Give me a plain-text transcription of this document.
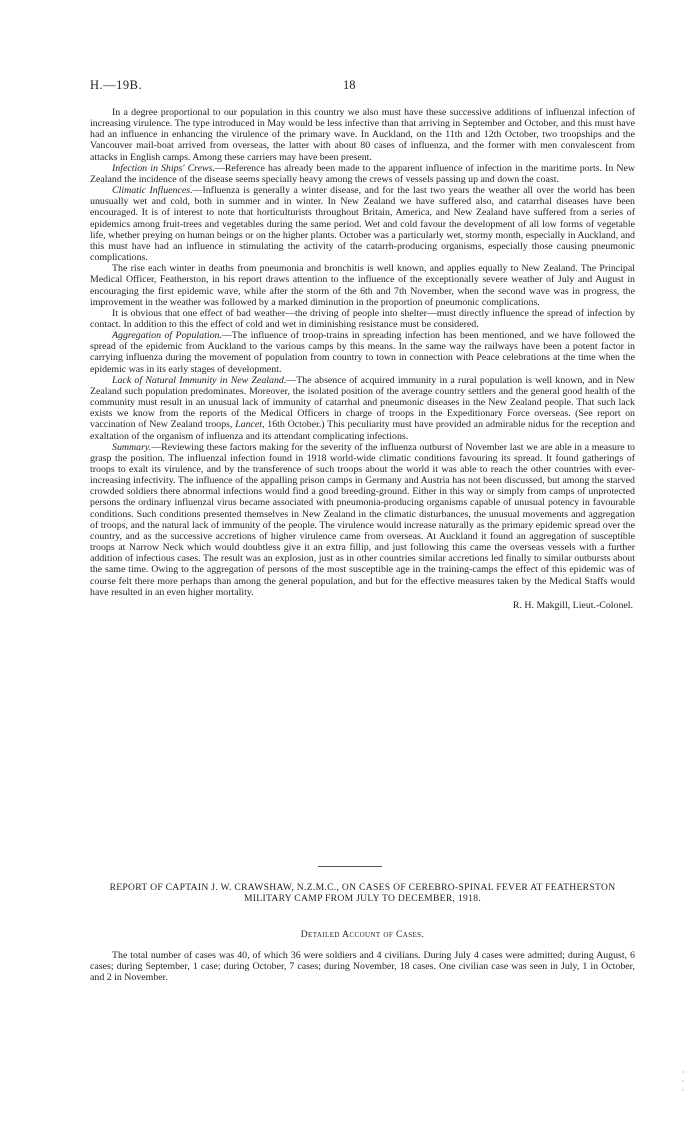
H.—19B.	18

In a degree proportional to our population in this country we also must have these successive additions of influenzal infection of increasing virulence. The type introduced in May would be less infective than that arriving in September and October, and this must have had an influence in enhancing the virulence of the primary wave. In Auckland, on the 11th and 12th October, two troopships and the Vancouver mail-boat arrived from overseas, the latter with about 80 cases of influenza, and the former with men convalescent from attacks in English camps. Among these carriers may have been present.

Infection in Ships' Crews.—Reference has already been made to the apparent influence of infection in the maritime ports. In New Zealand the incidence of the disease seems specially heavy among the crews of vessels passing up and down the coast.

Climatic Influences.—Influenza is generally a winter disease, and for the last two years the weather all over the world has been unusually wet and cold, both in summer and in winter. In New Zealand we have suffered also, and catarrhal diseases have been encouraged. It is of interest to note that horticulturists throughout Britain, America, and New Zealand have suffered from a series of epidemics among fruit-trees and vegetables during the same period. Wet and cold favour the development of all low forms of vegetable life, whether preying on human beings or on the higher plants. October was a particularly wet, stormy month, especially in Auckland, and this must have had an influence in stimulating the activity of the catarrh-producing organisms, especially those causing pneumonic complications.

The rise each winter in deaths from pneumonia and bronchitis is well known, and applies equally to New Zealand. The Principal Medical Officer, Featherston, in his report draws attention to the influence of the exceptionally severe weather of July and August in encouraging the first epidemic wave, while after the storm of the 6th and 7th November, when the second wave was in progress, the improvement in the weather was followed by a marked diminution in the proportion of pneumonic complications.

It is obvious that one effect of bad weather—the driving of people into shelter—must directly influence the spread of infection by contact. In addition to this the effect of cold and wet in diminishing resistance must be considered.

Aggregation of Population.—The influence of troop-trains in spreading infection has been mentioned, and we have followed the spread of the epidemic from Auckland to the various camps by this means. In the same way the railways have been a potent factor in carrying influenza during the movement of population from country to town in connection with Peace celebrations at the time when the epidemic was in its early stages of development.

Lack of Natural Immunity in New Zealand.—The absence of acquired immunity in a rural population is well known, and in New Zealand such population predominates. Moreover, the isolated position of the average country settlers and the general good health of the community must result in an unusual lack of immunity of catarrhal and pneumonic diseases in the New Zealand people. That such lack exists we know from the reports of the Medical Officers in charge of troops in the Expeditionary Force overseas. (See report on vaccination of New Zealand troops, Lancet, 16th October.) This peculiarity must have provided an admirable nidus for the reception and exaltation of the organism of influenza and its attendant complicating infections.

Summary.—Reviewing these factors making for the severity of the influenza outburst of November last we are able in a measure to grasp the position. The influenzal infection found in 1918 world-wide climatic conditions favouring its spread. It found gatherings of troops to exalt its virulence, and by the transference of such troops about the world it was able to reach the other countries with ever-increasing infectivity. The influence of the appalling prison camps in Germany and Austria has not been discussed, but among the starved crowded soldiers there abnormal infections would find a good breeding-ground. Either in this way or simply from camps of unprotected persons the ordinary influenzal virus became associated with pneumonia-producing organisms capable of unusual potency in favourable conditions. Such conditions presented themselves in New Zealand in the climatic disturbances, the unusual movements and aggregation of troops, and the natural lack of immunity of the people. The virulence would increase naturally as the primary epidemic spread over the country, and as the successive accretions of higher virulence came from overseas. At Auckland it found an aggregation of susceptible troops at Narrow Neck which would doubtless give it an extra fillip, and just following this came the overseas vessels with a further addition of infectious cases. The result was an explosion, just as in other countries similar accretions led finally to similar outbursts about the same time. Owing to the aggregation of persons of the most susceptible age in the training-camps the effect of this epidemic was of course felt there more perhaps than among the general population, and but for the effective measures taken by the Medical Staffs would have resulted in an even higher mortality.

R. H. Makgill, Lieut.-Colonel.
REPORT OF CAPTAIN J. W. CRAWSHAW, N.Z.M.C., ON CASES OF CEREBRO-SPINAL FEVER AT FEATHERSTON MILITARY CAMP FROM JULY TO DECEMBER, 1918.
Detailed Account of Cases.

The total number of cases was 40, of which 36 were soldiers and 4 civilians. During July 4 cases were admitted; during August, 6 cases; during September, 1 case; during October, 7 cases; during November, 18 cases. One civilian case was seen in July, 1 in October, and 2 in November.

·
·
·
